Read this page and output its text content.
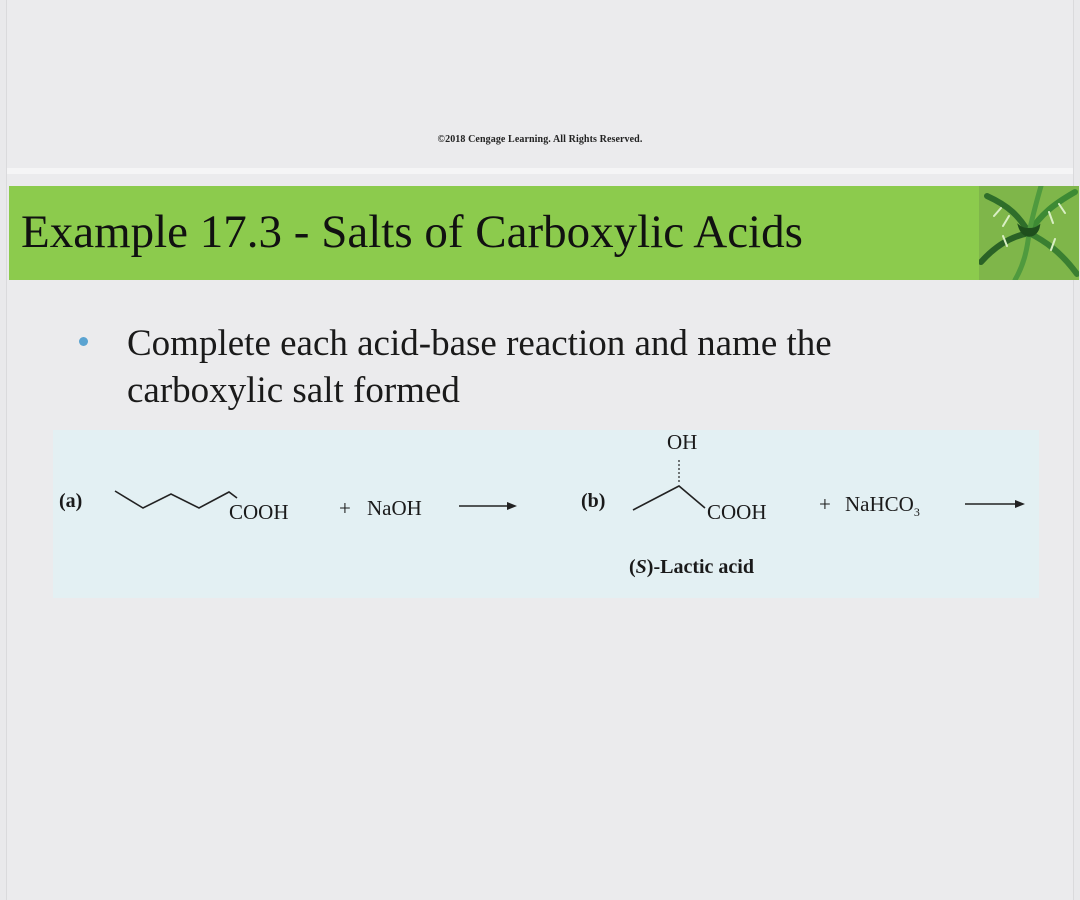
©2018 Cengage Learning. All Rights Reserved.
Example 17.3 - Salts of Carboxylic Acids
Complete each acid-base reaction and name the carboxylic salt formed
(a)	COOH + NaOH	(b)
OH
COOH + NaHCO$_3$
(S)-Lactic acid
